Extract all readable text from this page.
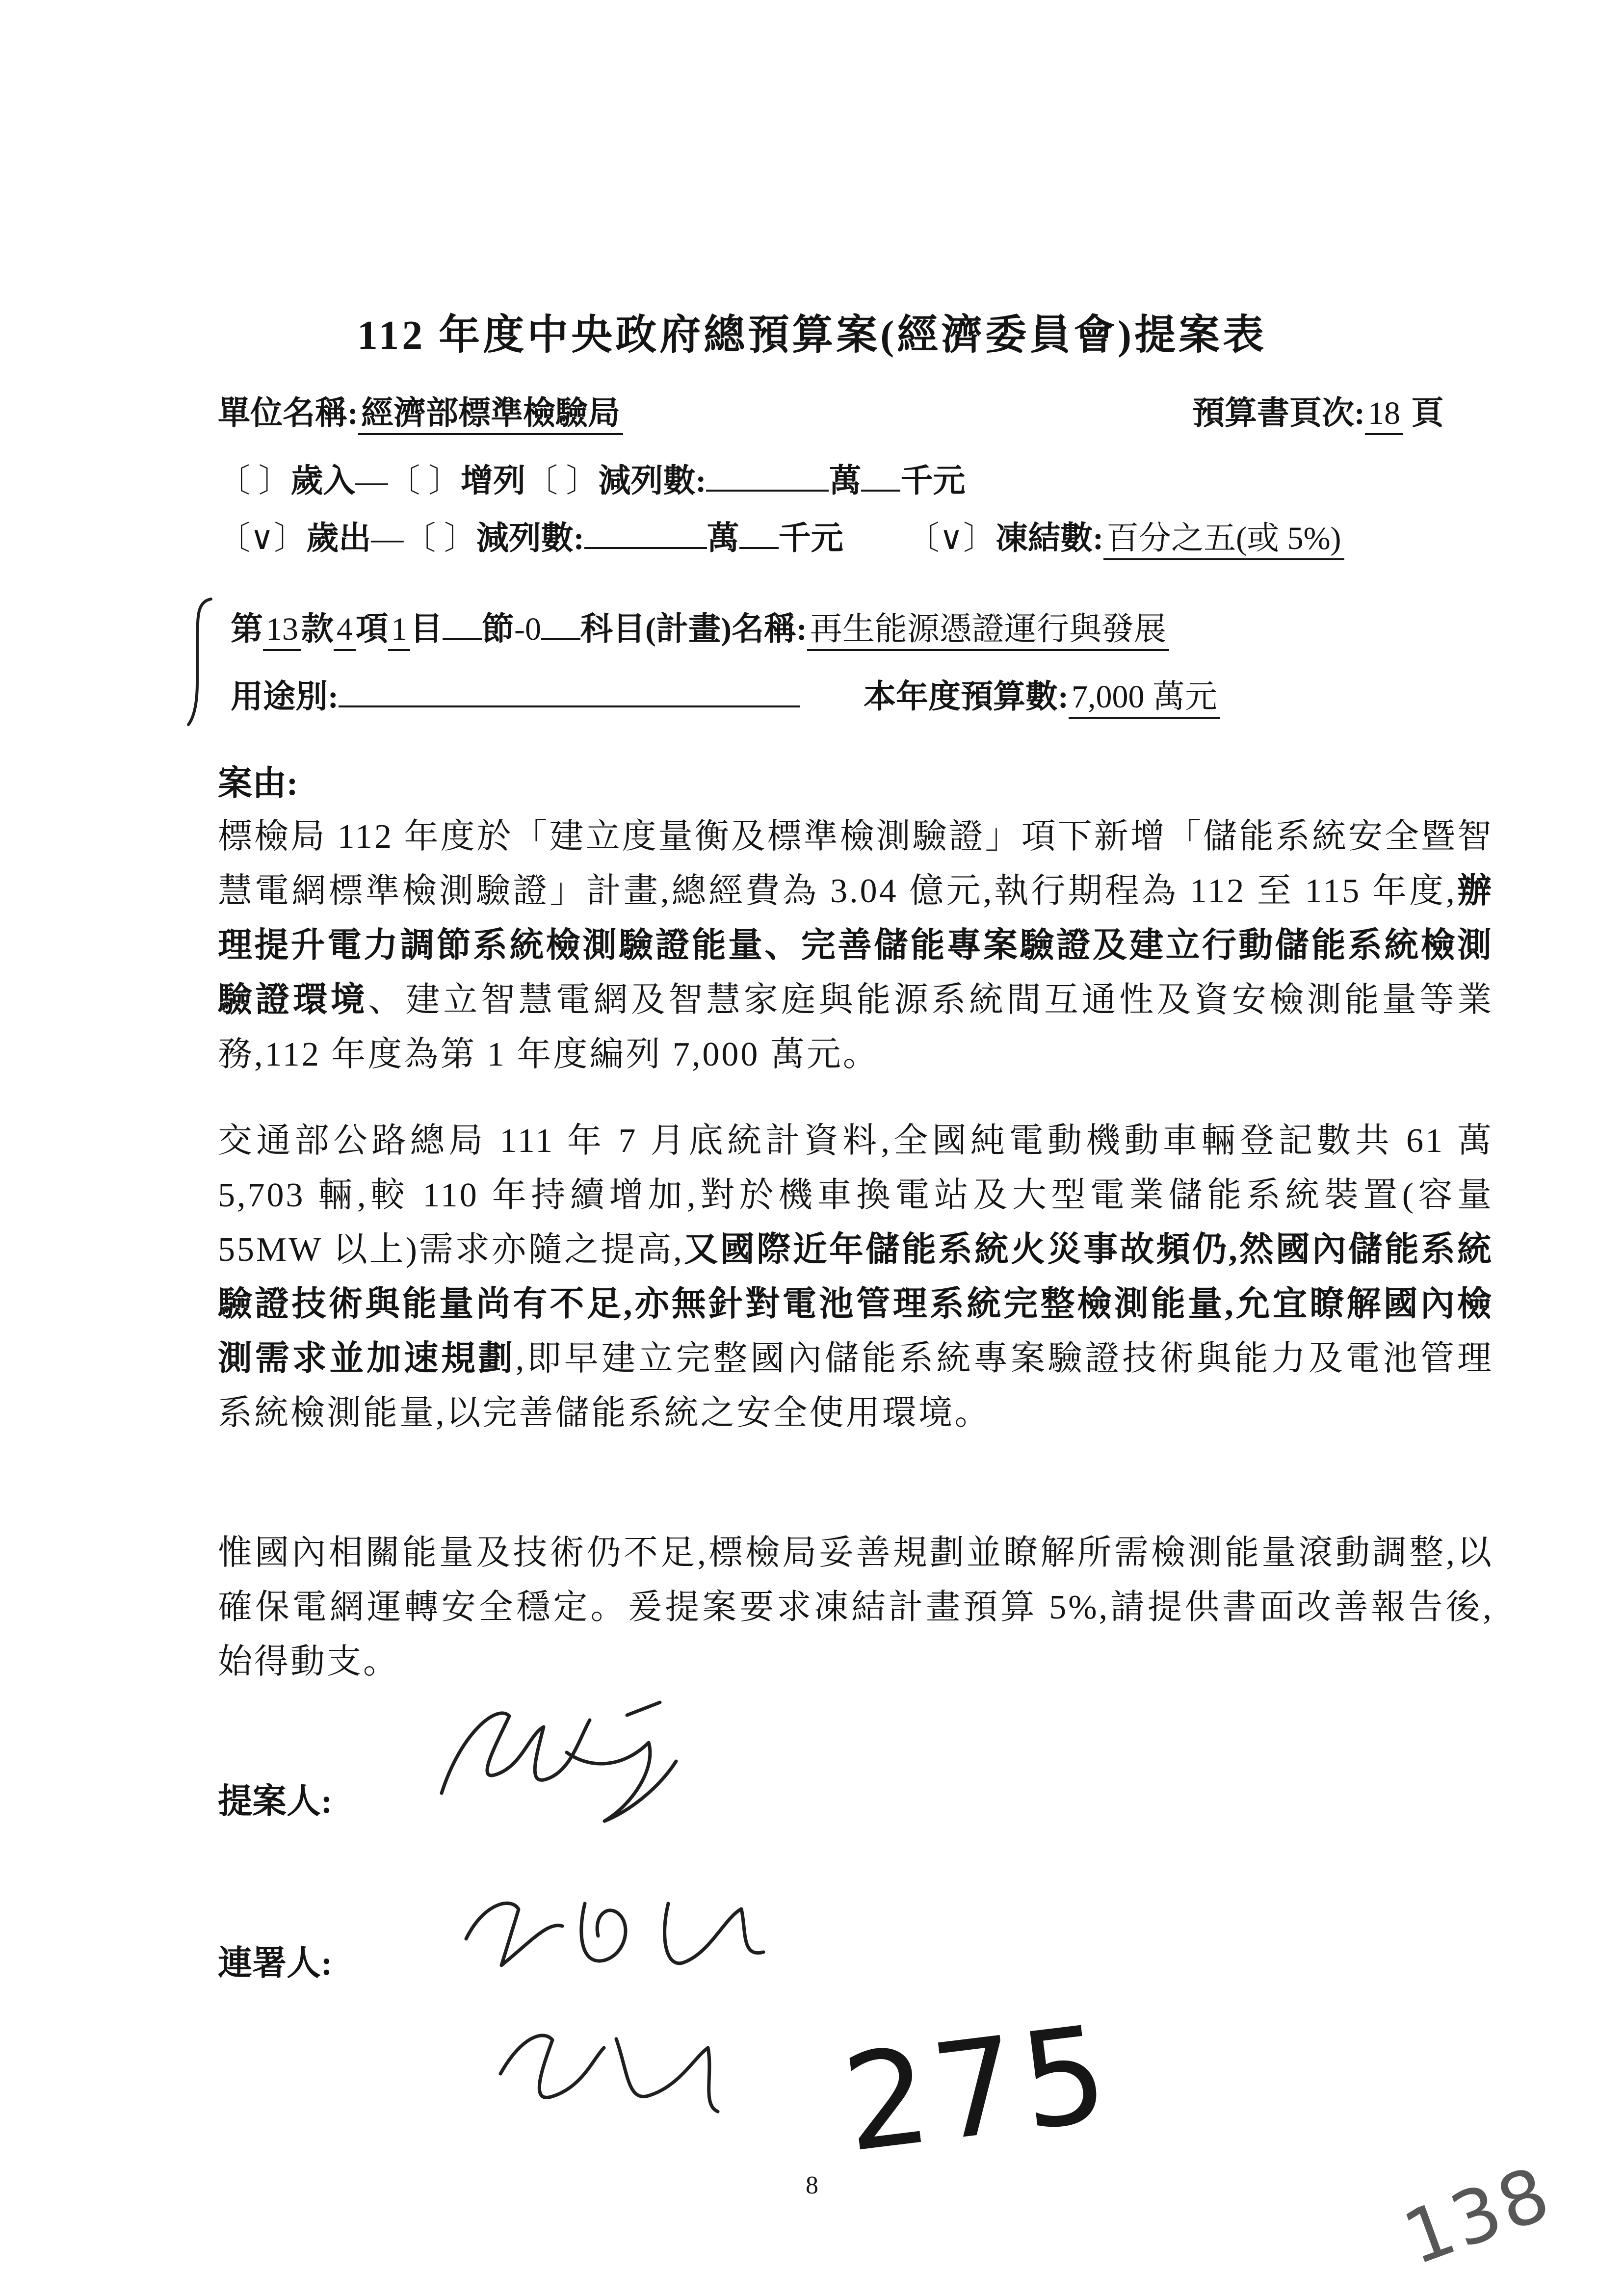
112 年度中央政府總預算案(經濟委員會)提案表
單位名稱:經濟部標準檢驗局	預算書頁次:18 頁
〔 〕歲入—〔 〕增列〔 〕減列數:	萬 千元
〔∨〕歲出—〔 〕減列數:	萬 千元 〔∨〕凍結數:百分之五(或 5%)
第13款4項1目 節-0 科目(計畫)名稱:再生能源憑證運行與發展
用途別:	本年度預算數:7,000 萬元
案由:
標檢局 112 年度於「建立度量衡及標準檢測驗證」項下新增「儲能系統安全暨智慧電網標準檢測驗證」計畫,總經費為 3.04 億元,執行期程為 112 至 115 年度,辦理提升電力調節系統檢測驗證能量、完善儲能專案驗證及建立行動儲能系統檢測驗證環境、建立智慧電網及智慧家庭與能源系統間互通性及資安檢測能量等業務,112 年度為第 1 年度編列 7,000 萬元。
交通部公路總局 111 年 7 月底統計資料,全國純電動機動車輛登記數共 61 萬 5,703 輛,較 110 年持續增加,對於機車換電站及大型電業儲能系統裝置(容量 55MW 以上)需求亦隨之提高,又國際近年儲能系統火災事故頻仍,然國內儲能系統驗證技術與能量尚有不足,亦無針對電池管理系統完整檢測能量,允宜瞭解國內檢測需求並加速規劃,即早建立完整國內儲能系統專案驗證技術與能力及電池管理系統檢測能量,以完善儲能系統之安全使用環境。
惟國內相關能量及技術仍不足,標檢局妥善規劃並瞭解所需檢測能量滾動調整,以確保電網運轉安全穩定。爰提案要求凍結計畫預算 5%,請提供書面改善報告後,始得動支。
提案人:
連署人:
275
8	138
